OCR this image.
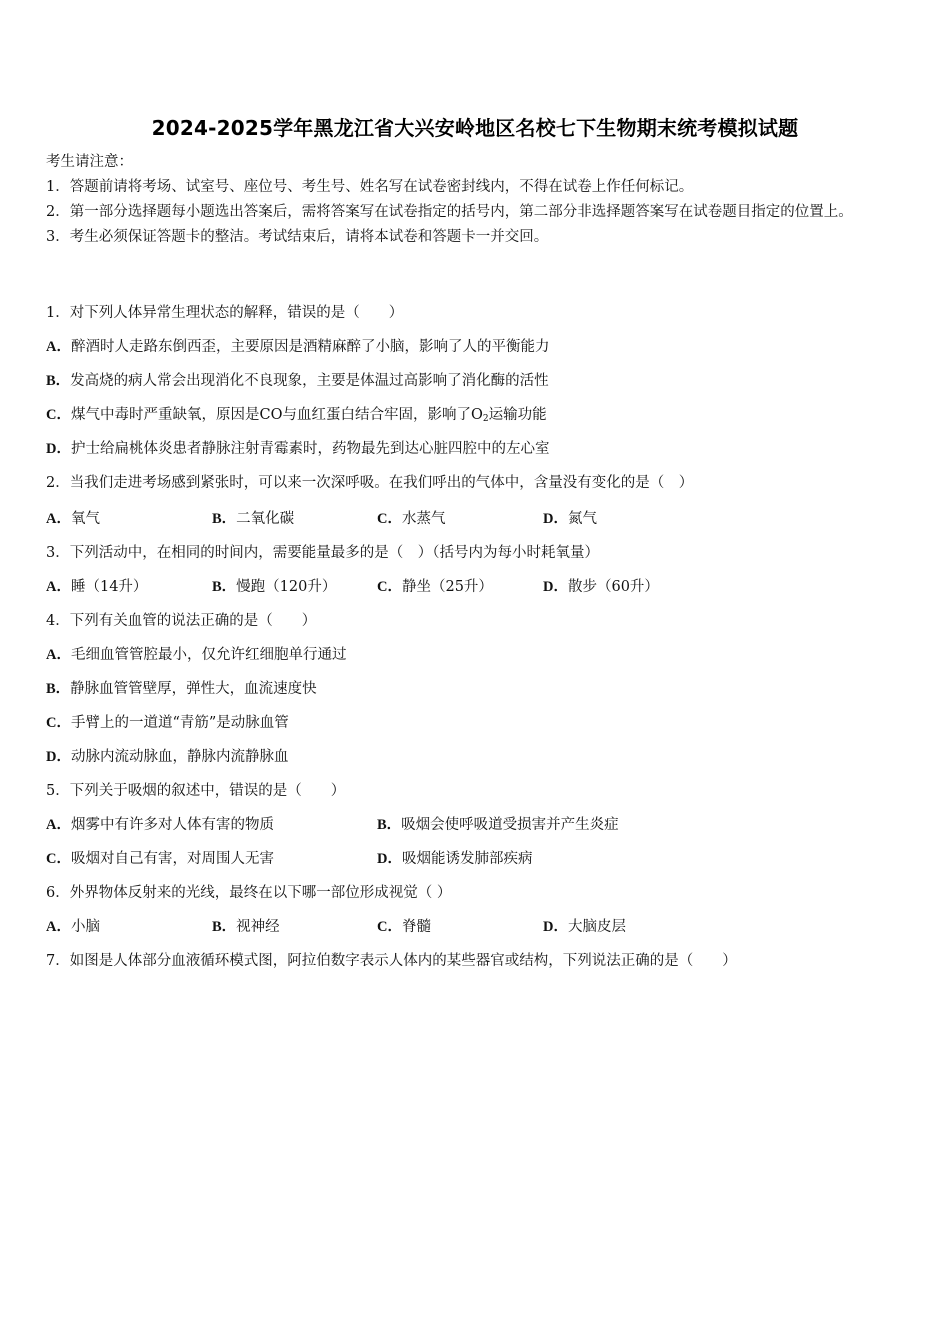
2024-2025学年黑龙江省大兴安岭地区名校七下生物期末统考模拟试题

考生请注意：

1．答题前请将考场、试室号、座位号、考生号、姓名写在试卷密封线内，不得在试卷上作任何标记。

2．第一部分选择题每小题选出答案后，需将答案写在试卷指定的括号内，第二部分非选择题答案写在试卷题目指定的位置上。

3．考生必须保证答题卡的整洁。考试结束后，请将本试卷和答题卡一并交回。

1．对下列人体异常生理状态的解释，错误的是（　　）
A．醉酒时人走路东倒西歪，主要原因是酒精麻醉了小脑，影响了人的平衡能力
B．发高烧的病人常会出现消化不良现象，主要是体温过高影响了消化酶的活性
C．煤气中毒时严重缺氧，原因是CO与血红蛋白结合牢固，影响了$O_2$运输功能
D．护士给扁桃体炎患者静脉注射青霉素时，药物最先到达心脏四腔中的左心室
2．当我们走进考场感到紧张时，可以来一次深呼吸。在我们呼出的气体中，含量没有变化的是（　）
A．氧气	B．二氧化碳	C．水蒸气	D．氮气
3．下列活动中，在相同的时间内，需要能量最多的是（　）（括号内为每小时耗氧量）
A．睡（14升）	B．慢跑（120升）	C．静坐（25升）	D．散步（60升）
4．下列有关血管的说法正确的是（　　）
A．毛细血管管腔最小，仅允许红细胞单行通过
B．静脉血管管壁厚，弹性大，血流速度快
C．手臂上的一道道“青筋”是动脉血管
D．动脉内流动脉血，静脉内流静脉血
5．下列关于吸烟的叙述中，错误的是（　　）
A．烟雾中有许多对人体有害的物质	B．吸烟会使呼吸道受损害并产生炎症
C．吸烟对自己有害，对周围人无害	D．吸烟能诱发肺部疾病
6．外界物体反射来的光线，最终在以下哪一部位形成视觉（ ）
A．小脑	B．视神经	C．脊髓	D．大脑皮层
7．如图是人体部分血液循环模式图，阿拉伯数字表示人体内的某些器官或结构，下列说法正确的是（　　）
